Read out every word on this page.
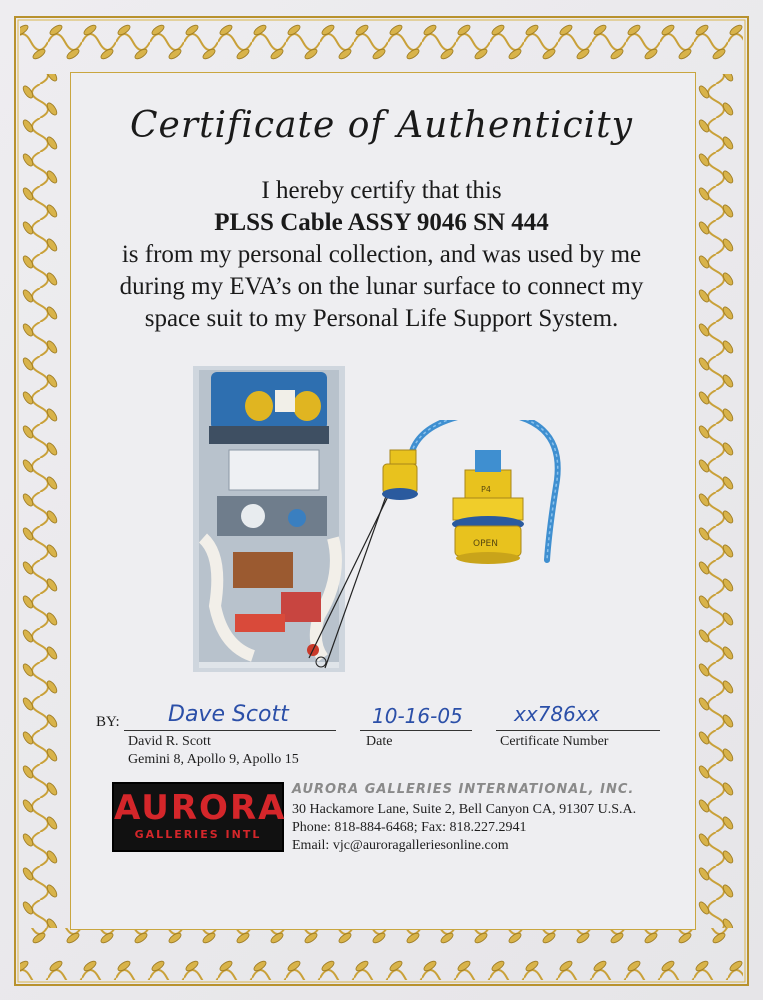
Certificate of Authenticity
I hereby certify that this
PLSS Cable ASSY 9046 SN 444
is from my personal collection, and was used by me
during my EVA’s on the lunar surface to connect my
space suit to my Personal Life Support System.
P4
OPEN
BY: Dave Scott
David R. Scott
Gemini 8, Apollo 9, Apollo 15
10-16-05
Date
xx786xx
Certificate Number
AURORA
GALLERIES INTL
AURORA GALLERIES INTERNATIONAL, INC.
30 Hackamore Lane, Suite 2, Bell Canyon CA, 91307 U.S.A.
Phone: 818-884-6468; Fax: 818.227.2941
Email: vjc@auroragalleriesonline.com
